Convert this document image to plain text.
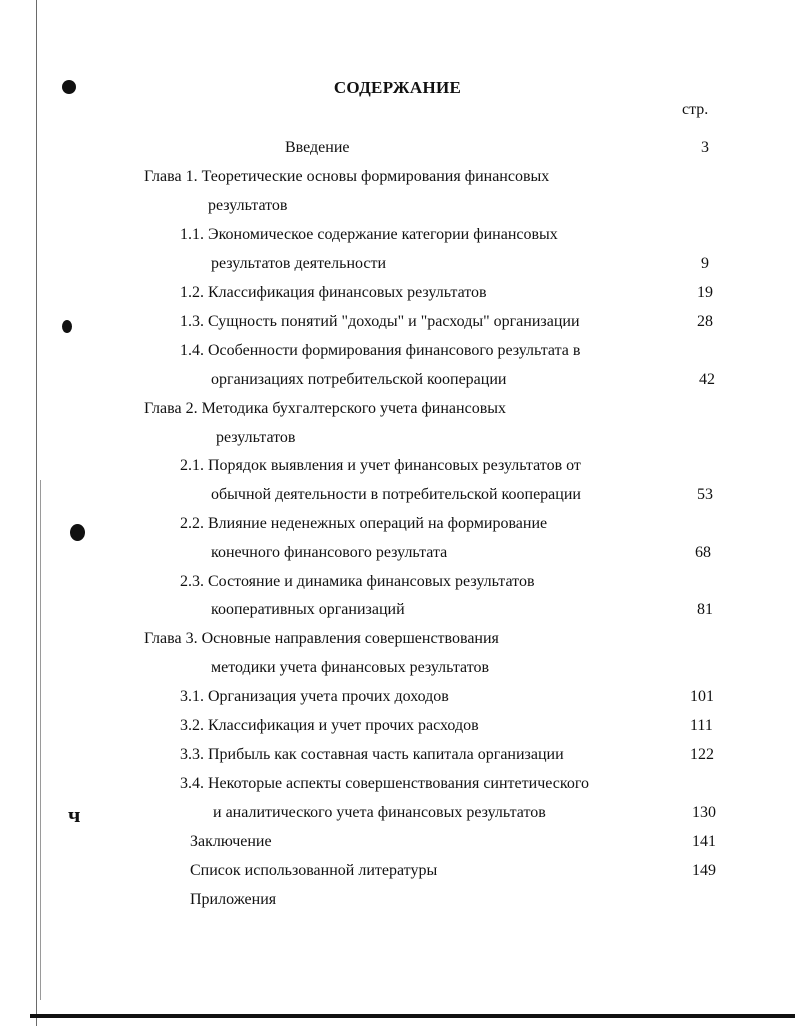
ч
СОДЕРЖАНИЕ
стр.
Введение	3
Глава 1. Теоретические основы формирования финансовых
результатов
1.1. Экономическое содержание категории финансовых
результатов деятельности	9
1.2. Классификация финансовых результатов	19
1.3. Сущность понятий "доходы" и "расходы" организации	28
1.4. Особенности формирования финансового результата в
организациях потребительской кооперации	42
Глава 2. Методика бухгалтерского учета финансовых
результатов
2.1. Порядок выявления и учет финансовых результатов от
обычной деятельности в потребительской кооперации	53
2.2. Влияние неденежных операций на формирование
конечного финансового результата	68
2.3. Состояние и динамика финансовых результатов
кооперативных организаций	81
Глава 3. Основные направления совершенствования
методики учета финансовых результатов
3.1. Организация учета прочих доходов	101
3.2. Классификация и учет прочих расходов	111
3.3. Прибыль как составная часть капитала организации	122
3.4. Некоторые аспекты совершенствования синтетического
и аналитического учета финансовых результатов	130
Заключение	141
Список использованной литературы	149
Приложения
